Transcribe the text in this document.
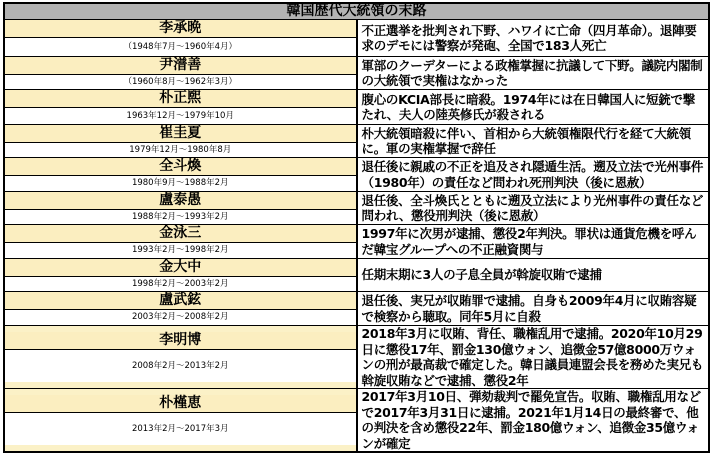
韓国歴代大統領の末路	

李承晩
（1948年7月～1960年4月）	不正選挙を批判され下野、ハワイに亡命（四月革命）。退陣要求のデモには警察が発砲、全国で183人死亡

尹潽善
（1960年8月～1962年3月）	軍部のクーデターによる政権掌握に抗議して下野。議院内閣制の大統領で実権はなかった

朴正煕
1963年12月～1979年10月	腹心のKCIA部長に暗殺。1974年には在日韓国人に短銃で撃たれ、夫人の陸英修氏が殺される

崔圭夏
1979年12月～1980年8月	朴大統領暗殺に伴い、首相から大統領権限代行を経て大統領に。軍の実権掌握で辞任

全斗煥
1980年9月～1988年2月	退任後に親戚の不正を追及され隠遁生活。遡及立法で光州事件（1980年）の責任など問われ死刑判決（後に恩赦）

盧泰愚
1988年2月～1993年2月	退任後、全斗煥氏とともに遡及立法により光州事件の責任など問われ、懲役刑判決（後に恩赦）

金泳三
1993年2月～1998年2月	1997年に次男が逮捕、懲役2年判決。罪状は通貨危機を呼んだ韓宝グループへの不正融資関与

金大中
1998年2月～2003年2月	任期末期に3人の子息全員が斡旋収賄で逮捕

盧武鉉
2003年2月～2008年2月	退任後、実兄が収賄罪で逮捕。自身も2009年4月に収賄容疑で検察から聴取。同年5月に自殺

李明博
2008年2月～2013年2月	2018年3月に収賄、背任、職権乱用で逮捕。2020年10月29日に懲役17年、罰金130億ウォン、追徴金57億8000万ウォンの刑が最高裁で確定した。韓日議員連盟会長を務めた実兄も斡旋収賄などで逮捕、懲役2年

朴槿恵
2013年2月～2017年3月	2017年3月10日、弾劾裁判で罷免宣告。収賄、職権乱用などで2017年3月31日に逮捕。2021年1月14日の最終審で、他の判決を含め懲役22年、罰金180億ウォン、追徴金35億ウォンが確定
